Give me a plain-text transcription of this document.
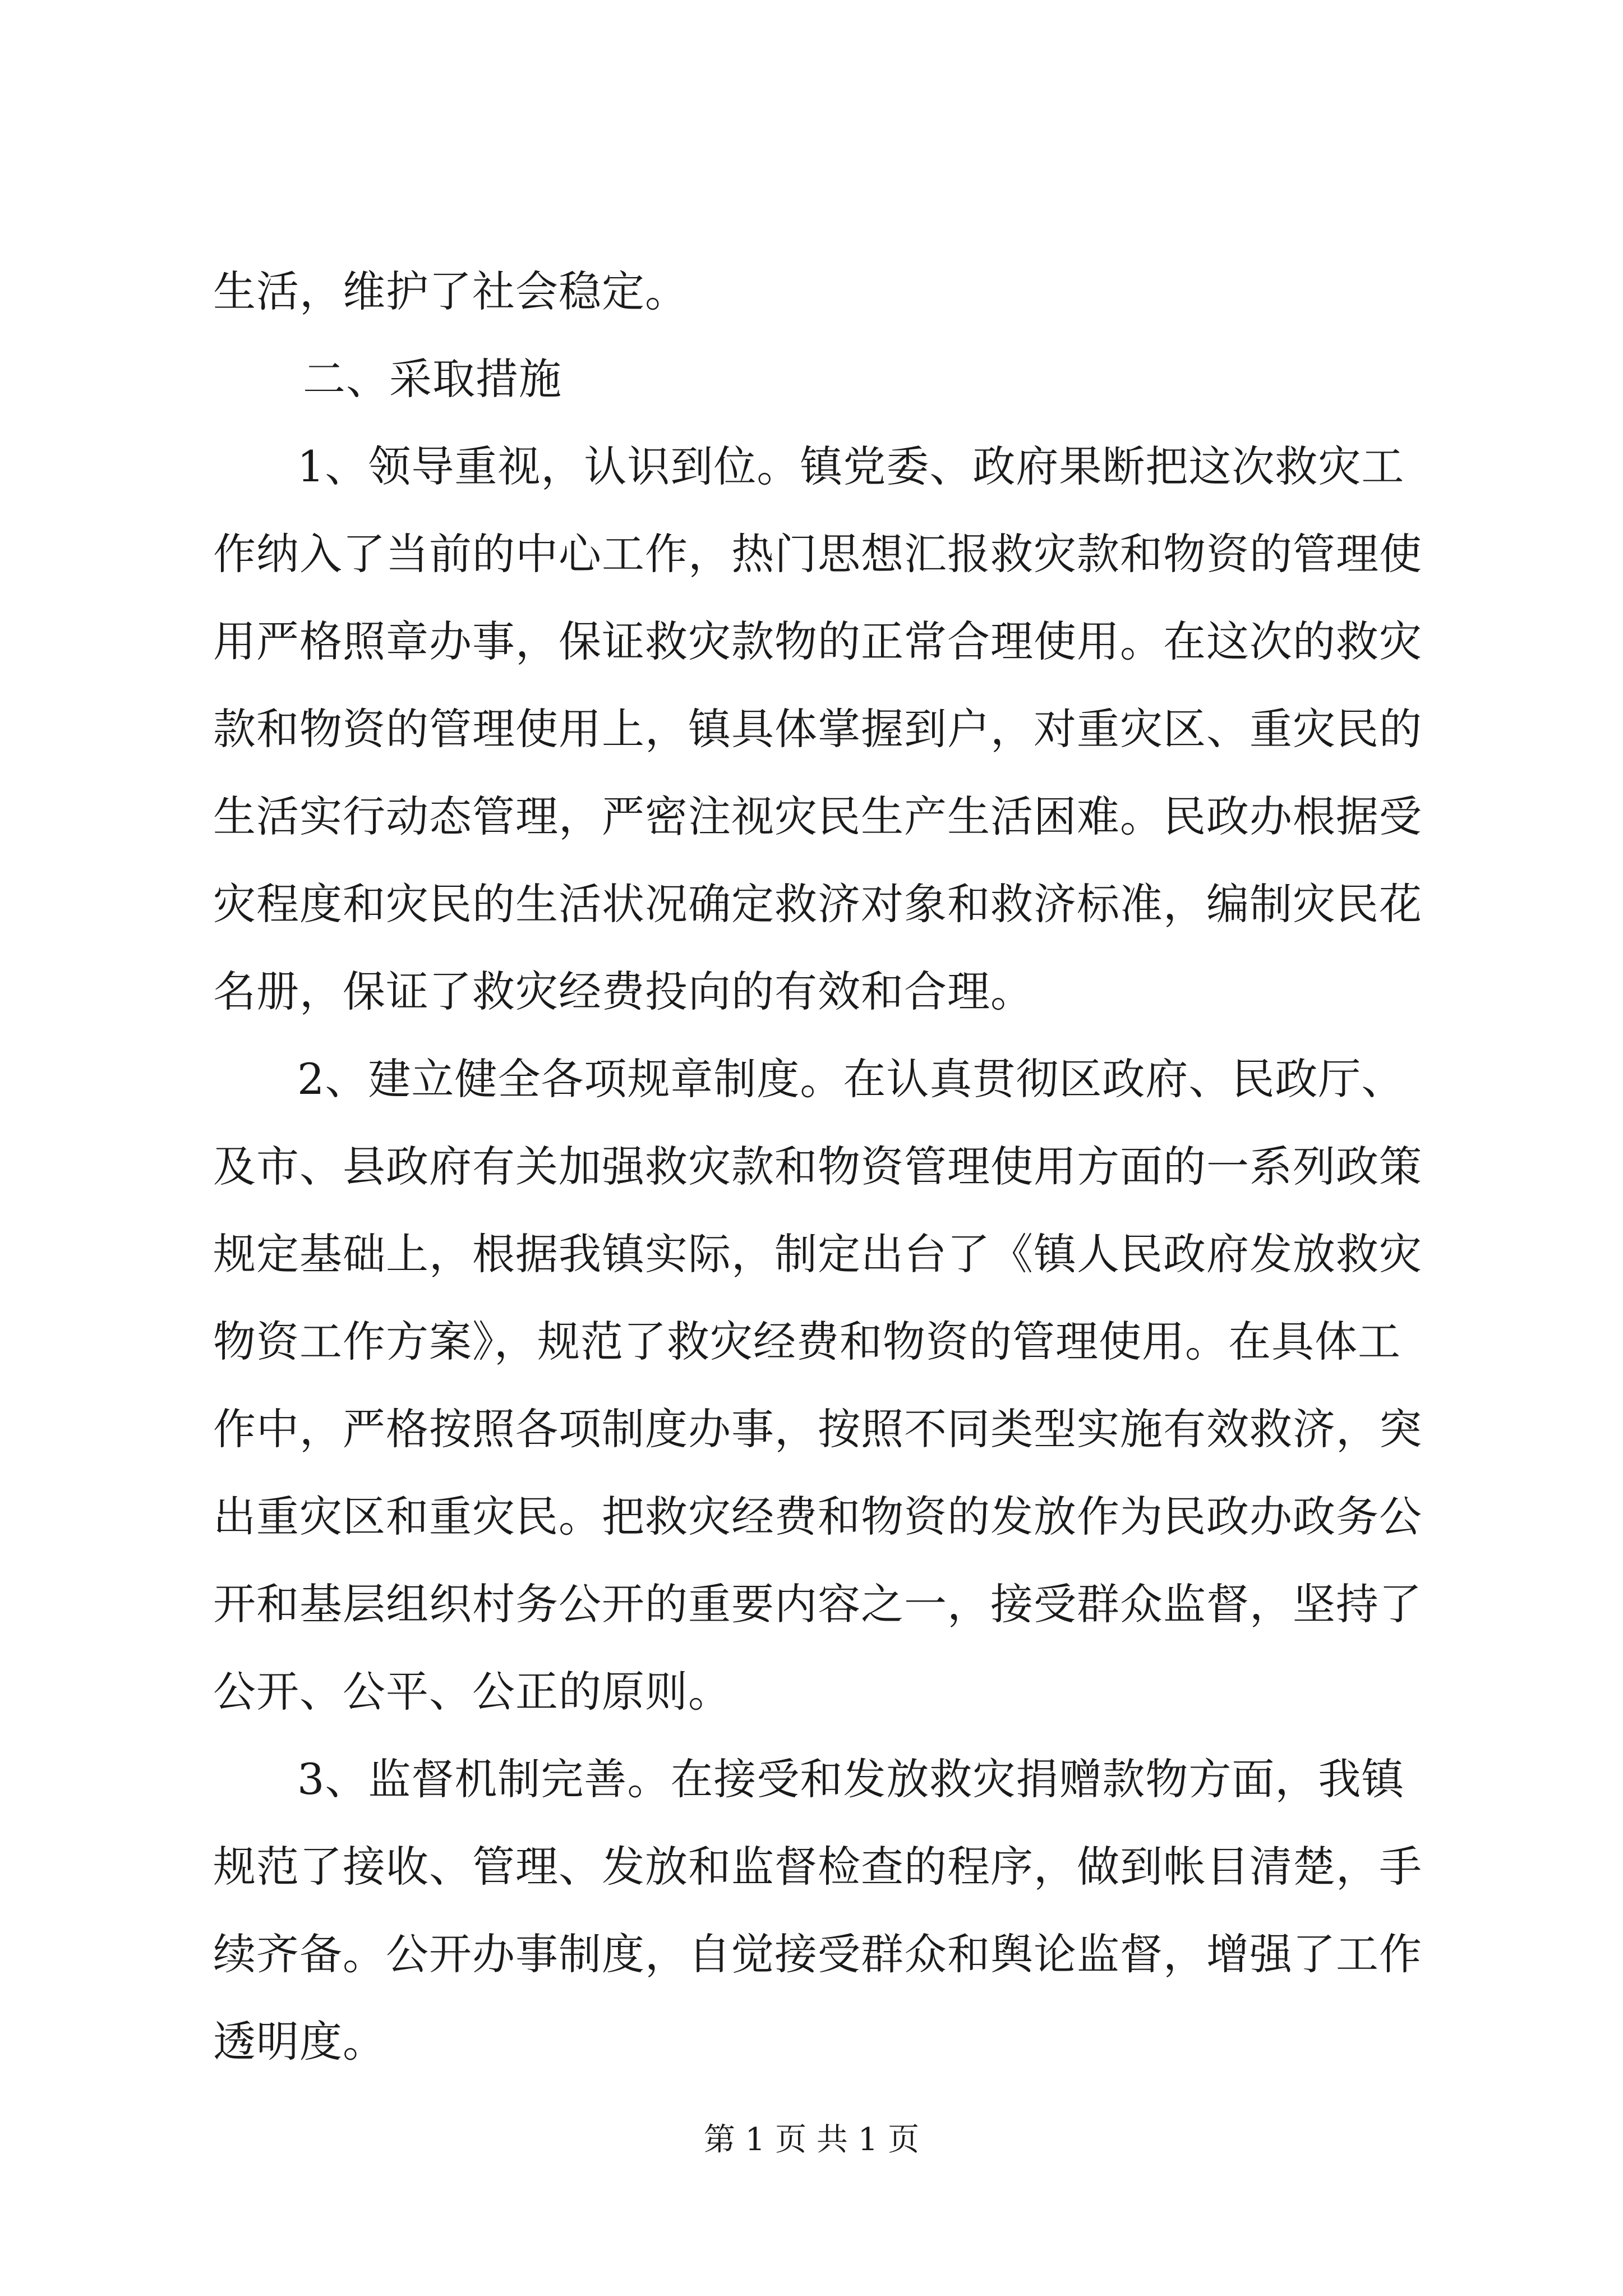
生活，维护了社会稳定。
二、采取措施
1、领导重视，认识到位。镇党委、政府果断把这次救灾工
作纳入了当前的中心工作，热门思想汇报救灾款和物资的管理使
用严格照章办事，保证救灾款物的正常合理使用。在这次的救灾
款和物资的管理使用上，镇具体掌握到户，对重灾区、重灾民的
生活实行动态管理，严密注视灾民生产生活困难。民政办根据受
灾程度和灾民的生活状况确定救济对象和救济标准，编制灾民花
名册，保证了救灾经费投向的有效和合理。
2、建立健全各项规章制度。在认真贯彻区政府、民政厅、
及市、县政府有关加强救灾款和物资管理使用方面的一系列政策
规定基础上，根据我镇实际，制定出台了《镇人民政府发放救灾
物资工作方案》，规范了救灾经费和物资的管理使用。在具体工
作中，严格按照各项制度办事，按照不同类型实施有效救济，突
出重灾区和重灾民。把救灾经费和物资的发放作为民政办政务公
开和基层组织村务公开的重要内容之一，接受群众监督，坚持了
公开、公平、公正的原则。
3、监督机制完善。在接受和发放救灾捐赠款物方面，我镇
规范了接收、管理、发放和监督检查的程序，做到帐目清楚，手
续齐备。公开办事制度，自觉接受群众和舆论监督，增强了工作
透明度。
第 1 页 共 1 页
